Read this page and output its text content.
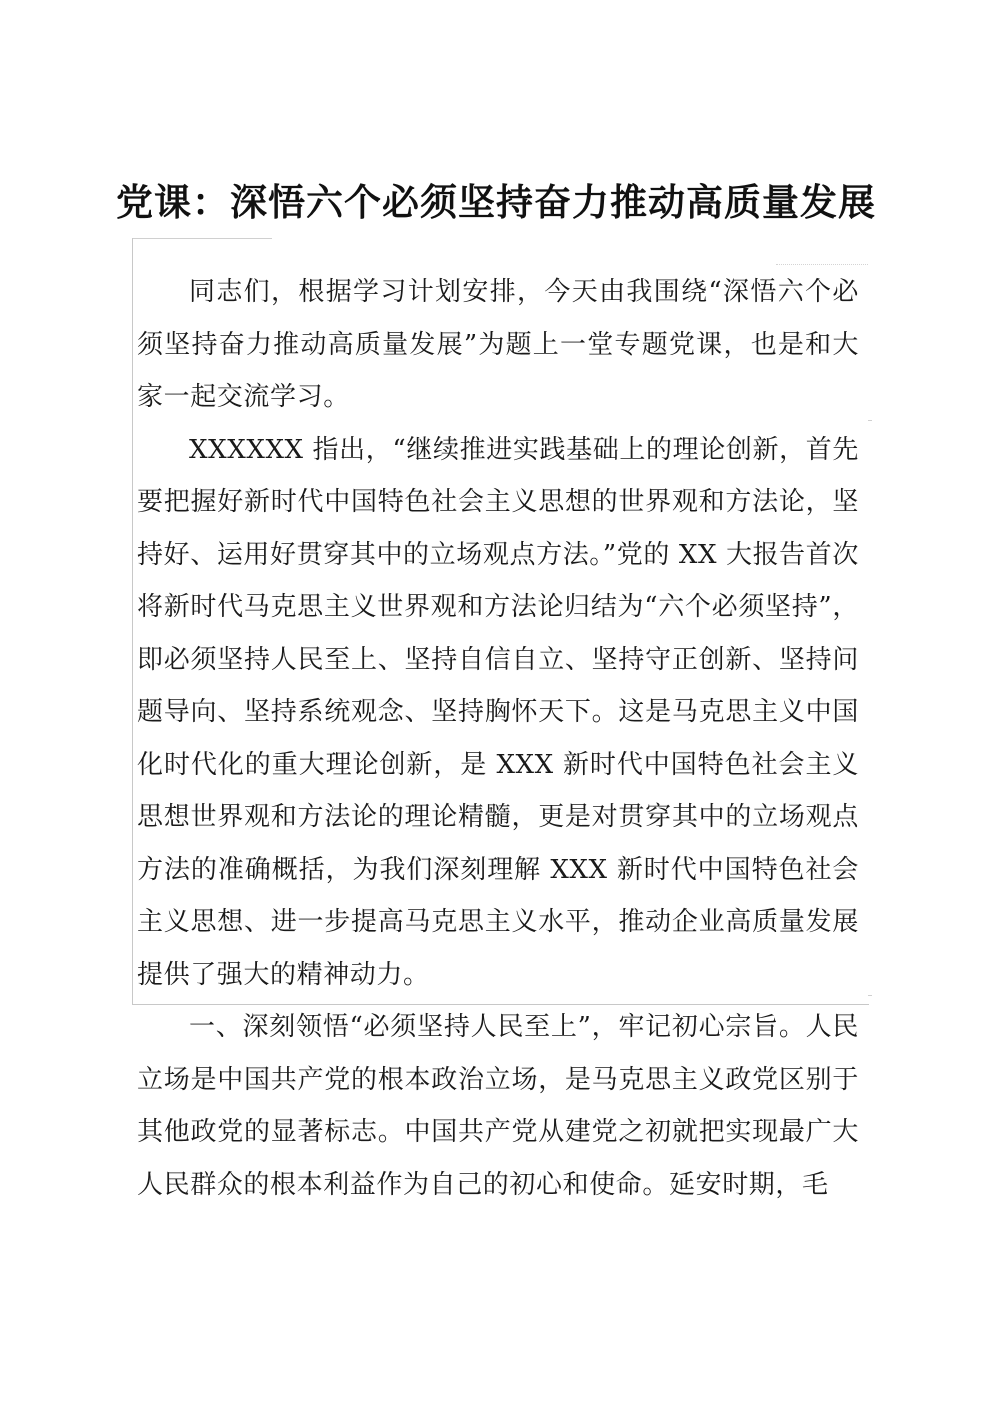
党课：深悟六个必须坚持奋力推动高质量发展

同志们，根据学习计划安排，今天由我围绕“深悟六个必须坚持奋力推动高质量发展”为题上一堂专题党课，也是和大家一起交流学习。

XXXXXX 指出，“继续推进实践基础上的理论创新，首先要把握好新时代中国特色社会主义思想的世界观和方法论，坚持好、运用好贯穿其中的立场观点方法。”党的 XX 大报告首次将新时代马克思主义世界观和方法论归结为“六个必须坚持”，即必须坚持人民至上、坚持自信自立、坚持守正创新、坚持问题导向、坚持系统观念、坚持胸怀天下。这是马克思主义中国化时代化的重大理论创新，是 XXX 新时代中国特色社会主义思想世界观和方法论的理论精髓，更是对贯穿其中的立场观点方法的准确概括，为我们深刻理解 XXX 新时代中国特色社会主义思想、进一步提高马克思主义水平，推动企业高质量发展提供了强大的精神动力。

一、深刻领悟“必须坚持人民至上”，牢记初心宗旨。人民立场是中国共产党的根本政治立场，是马克思主义政党区别于其他政党的显著标志。中国共产党从建党之初就把实现最广大人民群众的根本利益作为自己的初心和使命。延安时期，毛
